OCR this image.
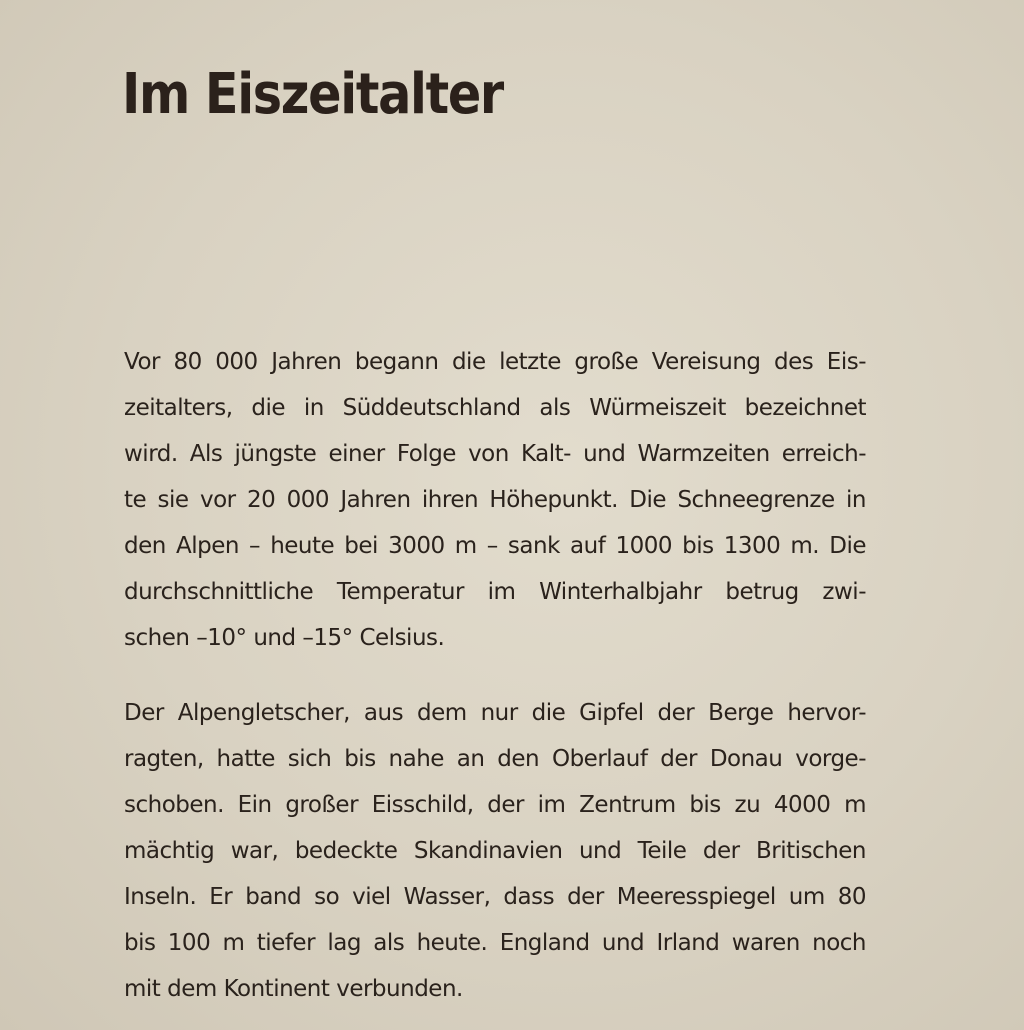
Im Eiszeitalter
Vor 80 000 Jahren begann die letzte große Vereisung des Eis-
zeitalters, die in Süddeutschland als Würmeiszeit bezeichnet
wird. Als jüngste einer Folge von Kalt- und Warmzeiten erreich-
te sie vor 20 000 Jahren ihren Höhepunkt. Die Schneegrenze in
den Alpen – heute bei 3000 m – sank auf 1000 bis 1300 m. Die
durchschnittliche Temperatur im Winterhalbjahr betrug zwi-
schen –10° und –15° Celsius.
Der Alpengletscher, aus dem nur die Gipfel der Berge hervor-
ragten, hatte sich bis nahe an den Oberlauf der Donau vorge-
schoben. Ein großer Eisschild, der im Zentrum bis zu 4000 m
mächtig war, bedeckte Skandinavien und Teile der Britischen
Inseln. Er band so viel Wasser, dass der Meeresspiegel um 80
bis 100 m tiefer lag als heute. England und Irland waren noch
mit dem Kontinent verbunden.
